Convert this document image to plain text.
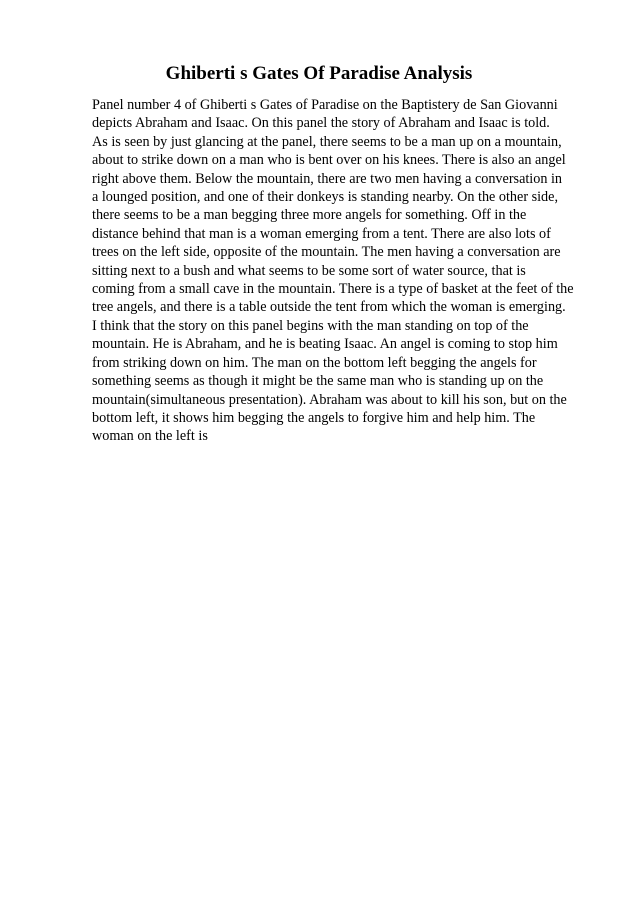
Ghiberti s Gates Of Paradise Analysis
Panel number 4 of Ghiberti s Gates of Paradise on the Baptistery de San Giovanni
depicts Abraham and Isaac. On this panel the story of Abraham and Isaac is told.
As is seen by just glancing at the panel, there seems to be a man up on a mountain,
about to strike down on a man who is bent over on his knees. There is also an angel
right above them. Below the mountain, there are two men having a conversation in
a lounged position, and one of their donkeys is standing nearby. On the other side,
there seems to be a man begging three more angels for something. Off in the
distance behind that man is a woman emerging from a tent. There are also lots of
trees on the left side, opposite of the mountain. The men having a conversation are
sitting next to a bush and what seems to be some sort of water source, that is
coming from a small cave in the mountain. There is a type of basket at the feet of the
tree angels, and there is a table outside the tent from which the woman is emerging.
I think that the story on this panel begins with the man standing on top of the
mountain. He is Abraham, and he is beating Isaac. An angel is coming to stop him
from striking down on him. The man on the bottom left begging the angels for
something seems as though it might be the same man who is standing up on the
mountain(simultaneous presentation). Abraham was about to kill his son, but on the
bottom left, it shows him begging the angels to forgive him and help him. The
woman on the left is
